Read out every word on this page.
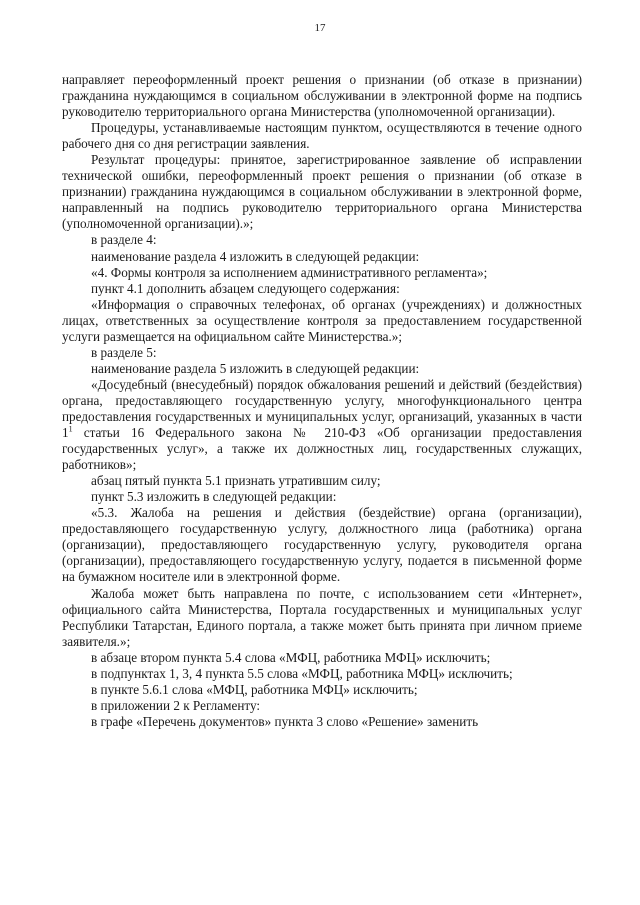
17

направляет переоформленный проект решения о признании (об отказе в признании) гражданина нуждающимся в социальном обслуживании в электронной форме на подпись руководителю территориального органа Министерства (уполномоченной организации).

Процедуры, устанавливаемые настоящим пунктом, осуществляются в течение одного рабочего дня со дня регистрации заявления.

Результат процедуры: принятое, зарегистрированное заявление об исправлении технической ошибки, переоформленный проект решения о признании (об отказе в признании) гражданина нуждающимся в социальном обслуживании в электронной форме, направленный на подпись руководителю территориального органа Министерства (уполномоченной организации).»;

в разделе 4:

наименование раздела 4 изложить в следующей редакции:

«4. Формы контроля за исполнением административного регламента»;

пункт 4.1 дополнить абзацем следующего содержания:

«Информация о справочных телефонах, об органах (учреждениях) и должностных лицах, ответственных за осуществление контроля за предоставлением государственной услуги размещается на официальном сайте Министерства.»;

в разделе 5:

наименование раздела 5 изложить в следующей редакции:

«Досудебный (внесудебный) порядок обжалования решений и действий (бездействия) органа, предоставляющего государственную услугу, многофункционального центра предоставления государственных и муниципальных услуг, организаций, указанных в части $1^1$ статьи 16 Федерального закона № 210-ФЗ «Об организации предоставления государственных услуг», а также их должностных лиц, государственных служащих, работников»;

абзац пятый пункта 5.1 признать утратившим силу;

пункт 5.3 изложить в следующей редакции:

«5.3. Жалоба на решения и действия (бездействие) органа (организации), предоставляющего государственную услугу, должностного лица (работника) органа (организации), предоставляющего государственную услугу, руководителя органа (организации), предоставляющего государственную услугу, подается в письменной форме на бумажном носителе или в электронной форме.

Жалоба может быть направлена по почте, с использованием сети «Интернет», официального сайта Министерства, Портала государственных и муниципальных услуг Республики Татарстан, Единого портала, а также может быть принята при личном приеме заявителя.»;

в абзаце втором пункта 5.4 слова «МФЦ, работника МФЦ» исключить;

в подпунктах 1, 3, 4 пункта 5.5 слова «МФЦ, работника МФЦ» исключить;

в пункте 5.6.1 слова «МФЦ, работника МФЦ» исключить;

в приложении 2 к Регламенту:

в графе «Перечень документов» пункта 3 слово «Решение» заменить
